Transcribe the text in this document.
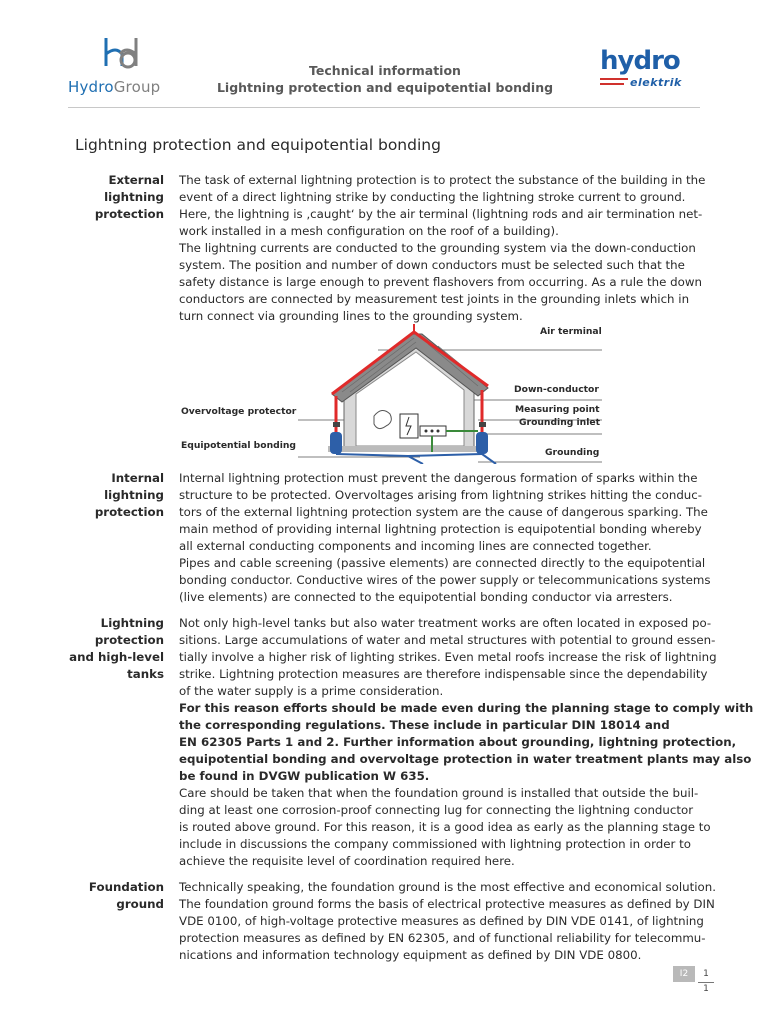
HydroGroup
Technical information
Lightning protection and equipotential bonding
hydro
elektrik
Lightning protection and equipotential bonding
External
lightning
protection

The task of external lightning protection is to protect the substance of the building in the

event of a direct lightning strike by conducting the lightning stroke current to ground.

Here, the lightning is ‚caught‘ by the air terminal (lightning rods and air termination net-

work installed in a mesh configuration on the roof of a building).

The lightning currents are conducted to the grounding system via the down-conduction

system. The position and number of down conductors must be selected such that the

safety distance is large enough to prevent flashovers from occurring. As a rule the down

conductors are connected by measurement test joints in the grounding inlets which in

turn connect via grounding lines to the grounding system.

Air terminal
Down-conductor
Overvoltage protector	Measuring point
Grounding inlet
Equipotential bonding
Grounding
Internal
lightning
protection

Internal lightning protection must prevent the dangerous formation of sparks within the

structure to be protected. Overvoltages arising from lightning strikes hitting the conduc-

tors of the external lightning protection system are the cause of dangerous sparking. The

main method of providing internal lightning protection is equipotential bonding whereby

all external conducting components and incoming lines are connected together.

Pipes and cable screening (passive elements) are connected directly to the equipotential

bonding conductor. Conductive wires of the power supply or telecommunications systems

(live elements) are connected to the equipotential bonding conductor via arresters.

Lightning
protection
and high-level
tanks

Not only high-level tanks but also water treatment works are often located in exposed po-

sitions. Large accumulations of water and metal structures with potential to ground essen-

tially involve a higher risk of lighting strikes. Even metal roofs increase the risk of lightning

strike. Lightning protection measures are therefore indispensable since the dependability

of the water supply is a prime consideration.

For this reason efforts should be made even during the planning stage to comply with

the corresponding regulations. These include in particular DIN 18014 and

EN 62305 Parts 1 and 2. Further information about grounding, lightning protection,

equipotential bonding and overvoltage protection in water treatment plants may also

be found in DVGW publication W 635.

Care should be taken that when the foundation ground is installed that outside the buil-

ding at least one corrosion-proof connecting lug for connecting the lightning conductor

is routed above ground. For this reason, it is a good idea as early as the planning stage to

include in discussions the company commissioned with lightning protection in order to

achieve the requisite level of coordination required here.

Foundation
ground

Technically speaking, the foundation ground is the most effective and economical solution.

The foundation ground forms the basis of electrical protective measures as defined by DIN

VDE 0100, of high-voltage protective measures as defined by DIN VDE 0141, of lightning

protection measures as defined by EN 62305, and of functional reliability for telecommu-

nications and information technology equipment as defined by DIN VDE 0800.

I2	1
1
